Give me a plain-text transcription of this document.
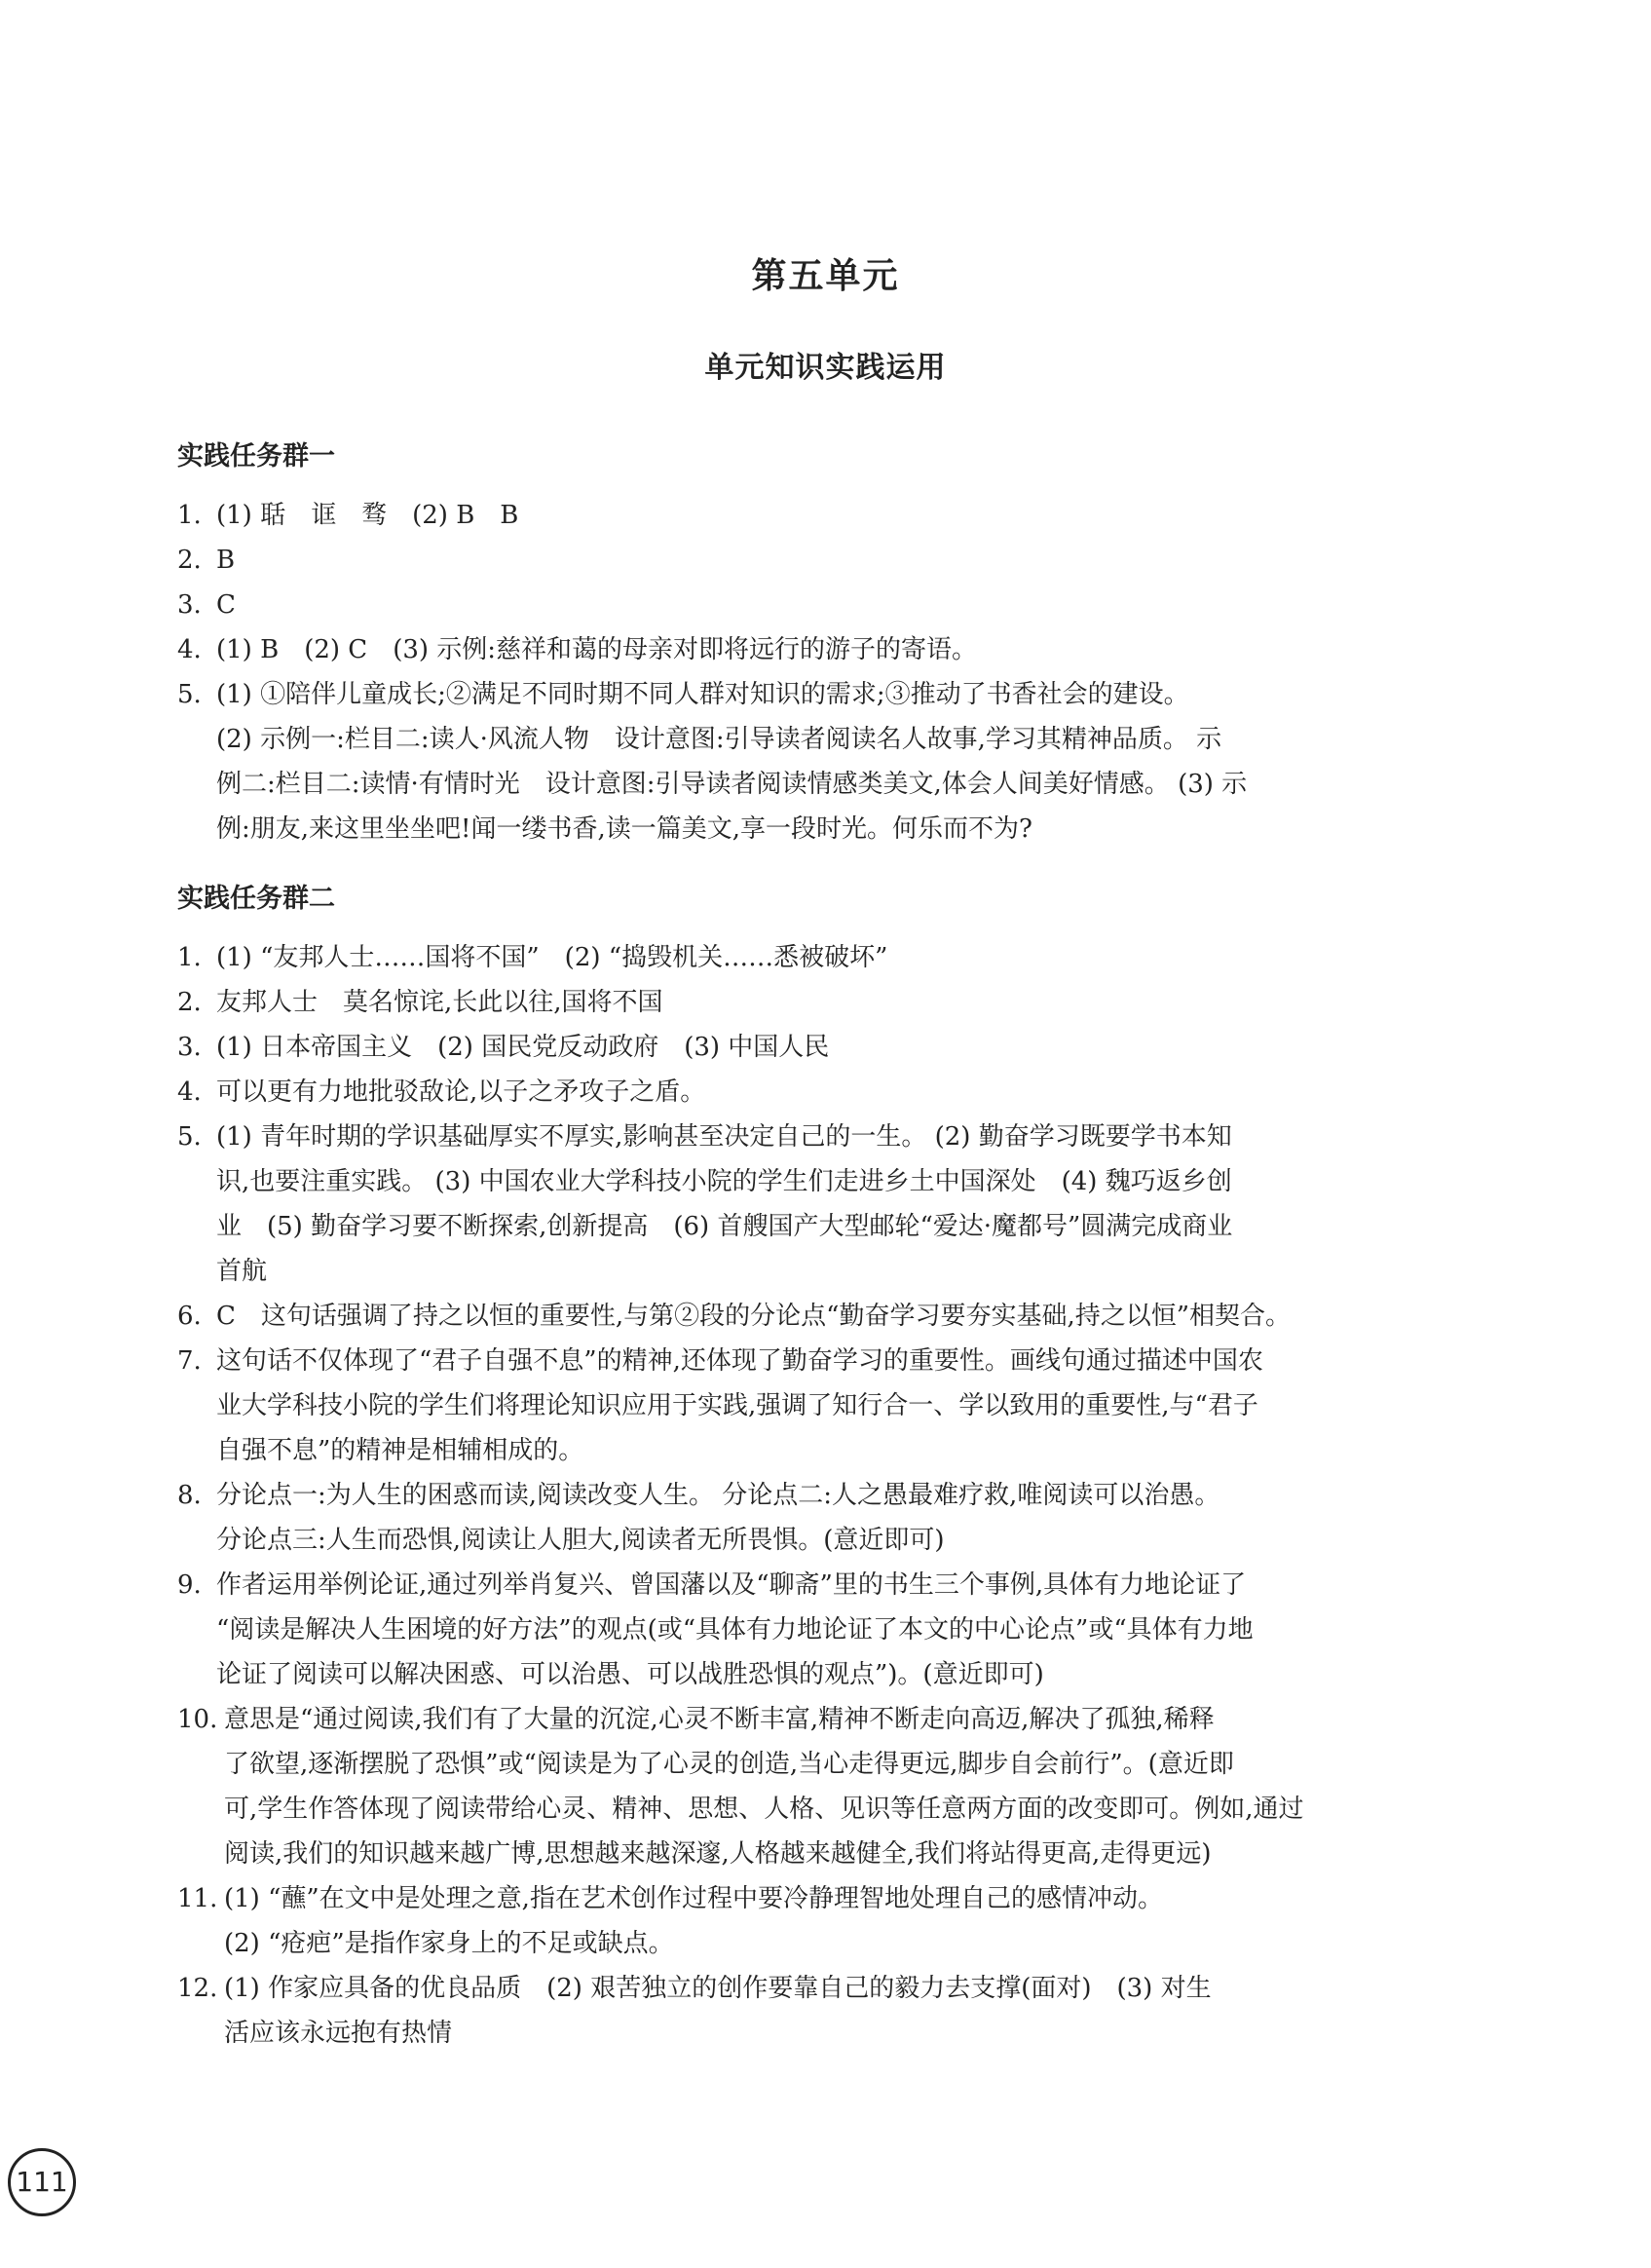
第五单元
单元知识实践运用
实践任务群一
1. (1) 聒　诓　骛　(2) B　B
2. B
3. C
4. (1) B　(2) C　(3) 示例:慈祥和蔼的母亲对即将远行的游子的寄语。
5. (1) ①陪伴儿童成长;②满足不同时期不同人群对知识的需求;③推动了书香社会的建设。
(2) 示例一:栏目二:读人·风流人物　设计意图:引导读者阅读名人故事,学习其精神品质。 示
例二:栏目二:读情·有情时光　设计意图:引导读者阅读情感类美文,体会人间美好情感。 (3) 示
例:朋友,来这里坐坐吧!闻一缕书香,读一篇美文,享一段时光。何乐而不为?
实践任务群二
1. (1) “友邦人士……国将不国”　(2) “捣毁机关……悉被破坏”
2. 友邦人士　莫名惊诧,长此以往,国将不国
3. (1) 日本帝国主义　(2) 国民党反动政府　(3) 中国人民
4. 可以更有力地批驳敌论,以子之矛攻子之盾。
5. (1) 青年时期的学识基础厚实不厚实,影响甚至决定自己的一生。 (2) 勤奋学习既要学书本知
识,也要注重实践。 (3) 中国农业大学科技小院的学生们走进乡土中国深处　(4) 魏巧返乡创
业　(5) 勤奋学习要不断探索,创新提高　(6) 首艘国产大型邮轮“爱达·魔都号”圆满完成商业
首航
6. C　这句话强调了持之以恒的重要性,与第②段的分论点“勤奋学习要夯实基础,持之以恒”相契合。
7. 这句话不仅体现了“君子自强不息”的精神,还体现了勤奋学习的重要性。画线句通过描述中国农
业大学科技小院的学生们将理论知识应用于实践,强调了知行合一、学以致用的重要性,与“君子
自强不息”的精神是相辅相成的。
8. 分论点一:为人生的困惑而读,阅读改变人生。 分论点二:人之愚最难疗救,唯阅读可以治愚。
分论点三:人生而恐惧,阅读让人胆大,阅读者无所畏惧。(意近即可)
9. 作者运用举例论证,通过列举肖复兴、曾国藩以及“聊斋”里的书生三个事例,具体有力地论证了
“阅读是解决人生困境的好方法”的观点(或“具体有力地论证了本文的中心论点”或“具体有力地
论证了阅读可以解决困惑、可以治愚、可以战胜恐惧的观点”)。(意近即可)
10. 意思是“通过阅读,我们有了大量的沉淀,心灵不断丰富,精神不断走向高迈,解决了孤独,稀释
了欲望,逐渐摆脱了恐惧”或“阅读是为了心灵的创造,当心走得更远,脚步自会前行”。(意近即
可,学生作答体现了阅读带给心灵、精神、思想、人格、见识等任意两方面的改变即可。例如,通过
阅读,我们的知识越来越广博,思想越来越深邃,人格越来越健全,我们将站得更高,走得更远)
11. (1) “蘸”在文中是处理之意,指在艺术创作过程中要冷静理智地处理自己的感情冲动。
(2) “疮疤”是指作家身上的不足或缺点。
12. (1) 作家应具备的优良品质　(2) 艰苦独立的创作要靠自己的毅力去支撑(面对)　(3) 对生
活应该永远抱有热情
111
